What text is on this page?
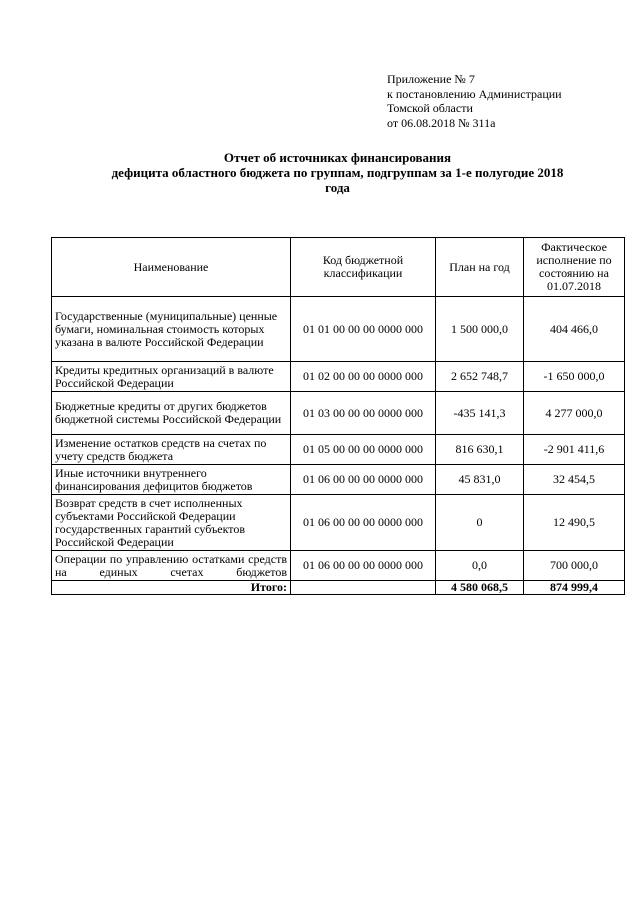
Приложение № 7
к постановлению Администрации
Томской области
от 06.08.2018 № 311а
Отчет об источниках финансирования
дефицита областного бюджета по группам, подгруппам за 1-е полугодие 2018
года
Наименование	Код бюджетной классификации	План на год	Фактическое исполнение по состоянию на 01.07.2018
Государственные (муниципальные) ценные бумаги, номинальная стоимость которых указана в валюте Российской Федерации	01 01 00 00 00 0000 000	1 500 000,0	404 466,0
Кредиты кредитных организаций в валюте Российской Федерации	01 02 00 00 00 0000 000	2 652 748,7	-1 650 000,0
Бюджетные кредиты от других бюджетов бюджетной системы Российской Федерации	01 03 00 00 00 0000 000	-435 141,3	4 277 000,0
Изменение остатков средств на счетах по учету средств бюджета	01 05 00 00 00 0000 000	816 630,1	-2 901 411,6
Иные источники внутреннего финансирования дефицитов бюджетов	01 06 00 00 00 0000 000	45 831,0	32 454,5
Возврат средств в счет исполненных субъектами Российской Федерации государственных гарантий субъектов Российской Федерации	01 06 00 00 00 0000 000	0	12 490,5
Операции по управлению остатками средств на единых счетах бюджетов	01 06 00 00 00 0000 000	0,0	700 000,0
Итого:		4 580 068,5	874 999,4
